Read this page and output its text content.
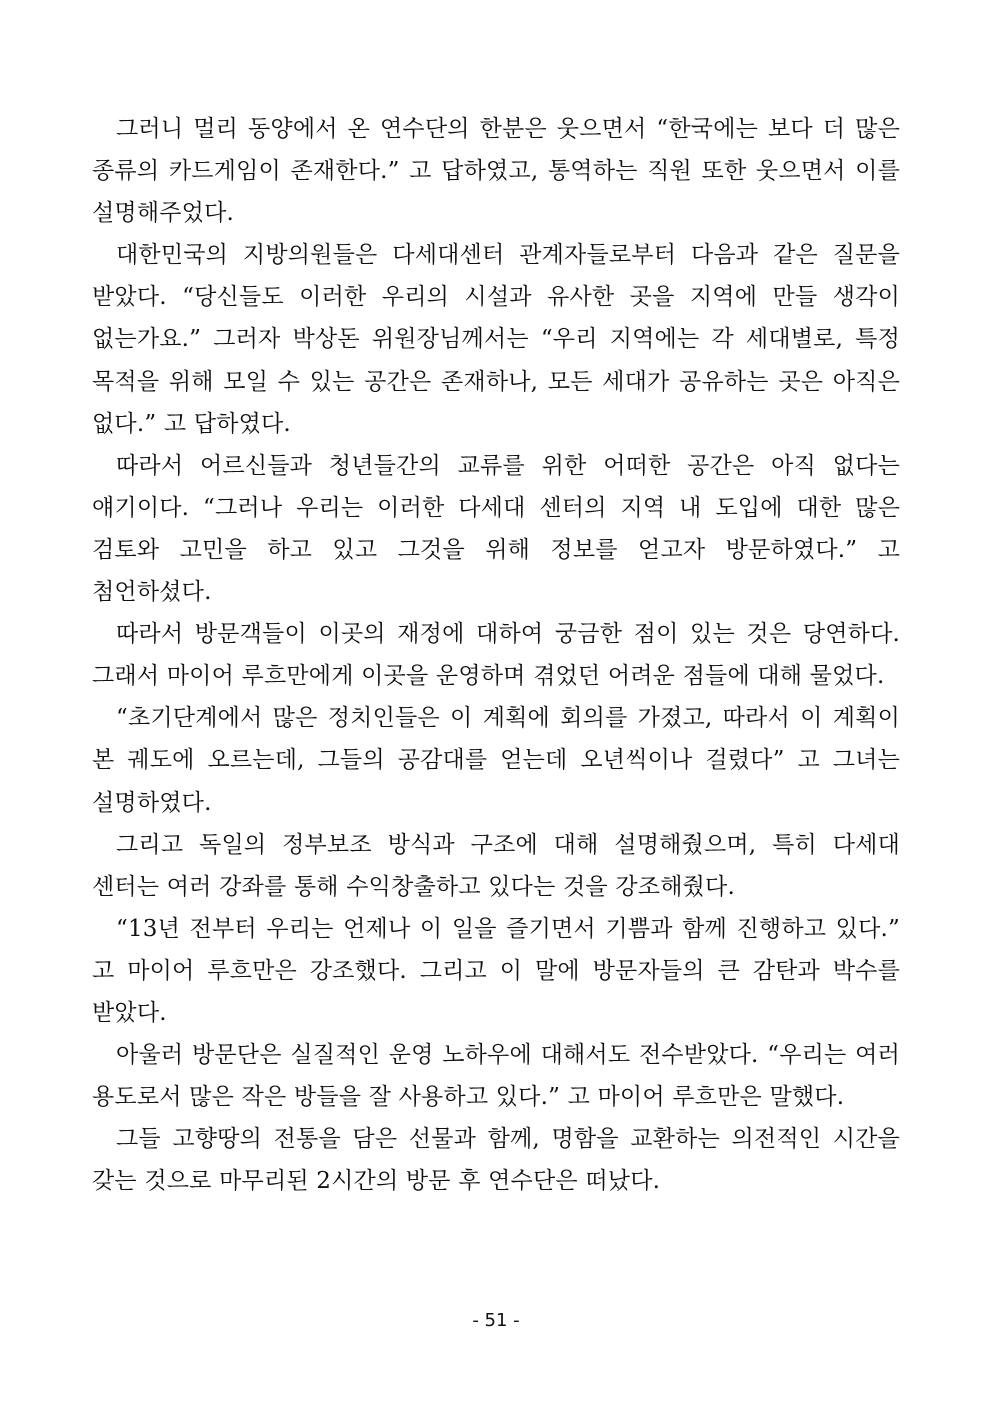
그러니 멀리 동양에서 온 연수단의 한분은 웃으면서 “한국에는 보다 더 많은 종류의 카드게임이 존재한다.” 고 답하였고, 통역하는 직원 또한 웃으면서 이를 설명해주었다.

대한민국의 지방의원들은 다세대센터 관계자들로부터 다음과 같은 질문을 받았다. “당신들도 이러한 우리의 시설과 유사한 곳을 지역에 만들 생각이 없는가요.” 그러자 박상돈 위원장님께서는 “우리 지역에는 각 세대별로, 특정 목적을 위해 모일 수 있는 공간은 존재하나, 모든 세대가 공유하는 곳은 아직은 없다.” 고 답하였다.

따라서 어르신들과 청년들간의 교류를 위한 어떠한 공간은 아직 없다는 얘기이다. “그러나 우리는 이러한 다세대 센터의 지역 내 도입에 대한 많은 검토와 고민을 하고 있고 그것을 위해 정보를 얻고자 방문하였다.” 고 첨언하셨다.

따라서 방문객들이 이곳의 재정에 대하여 궁금한 점이 있는 것은 당연하다. 그래서 마이어 루흐만에게 이곳을 운영하며 겪었던 어려운 점들에 대해 물었다.

“초기단계에서 많은 정치인들은 이 계획에 회의를 가졌고, 따라서 이 계획이 본 궤도에 오르는데, 그들의 공감대를 얻는데 오년씩이나 걸렸다” 고 그녀는 설명하였다.

그리고 독일의 정부보조 방식과 구조에 대해 설명해줬으며, 특히 다세대 센터는 여러 강좌를 통해 수익창출하고 있다는 것을 강조해줬다.

“13년 전부터 우리는 언제나 이 일을 즐기면서 기쁨과 함께 진행하고 있다.” 고 마이어 루흐만은 강조했다. 그리고 이 말에 방문자들의 큰 감탄과 박수를 받았다.

아울러 방문단은 실질적인 운영 노하우에 대해서도 전수받았다. “우리는 여러 용도로서 많은 작은 방들을 잘 사용하고 있다.” 고 마이어 루흐만은 말했다.

그들 고향땅의 전통을 담은 선물과 함께, 명함을 교환하는 의전적인 시간을 갖는 것으로 마무리된 2시간의 방문 후 연수단은 떠났다.

- 51 -
